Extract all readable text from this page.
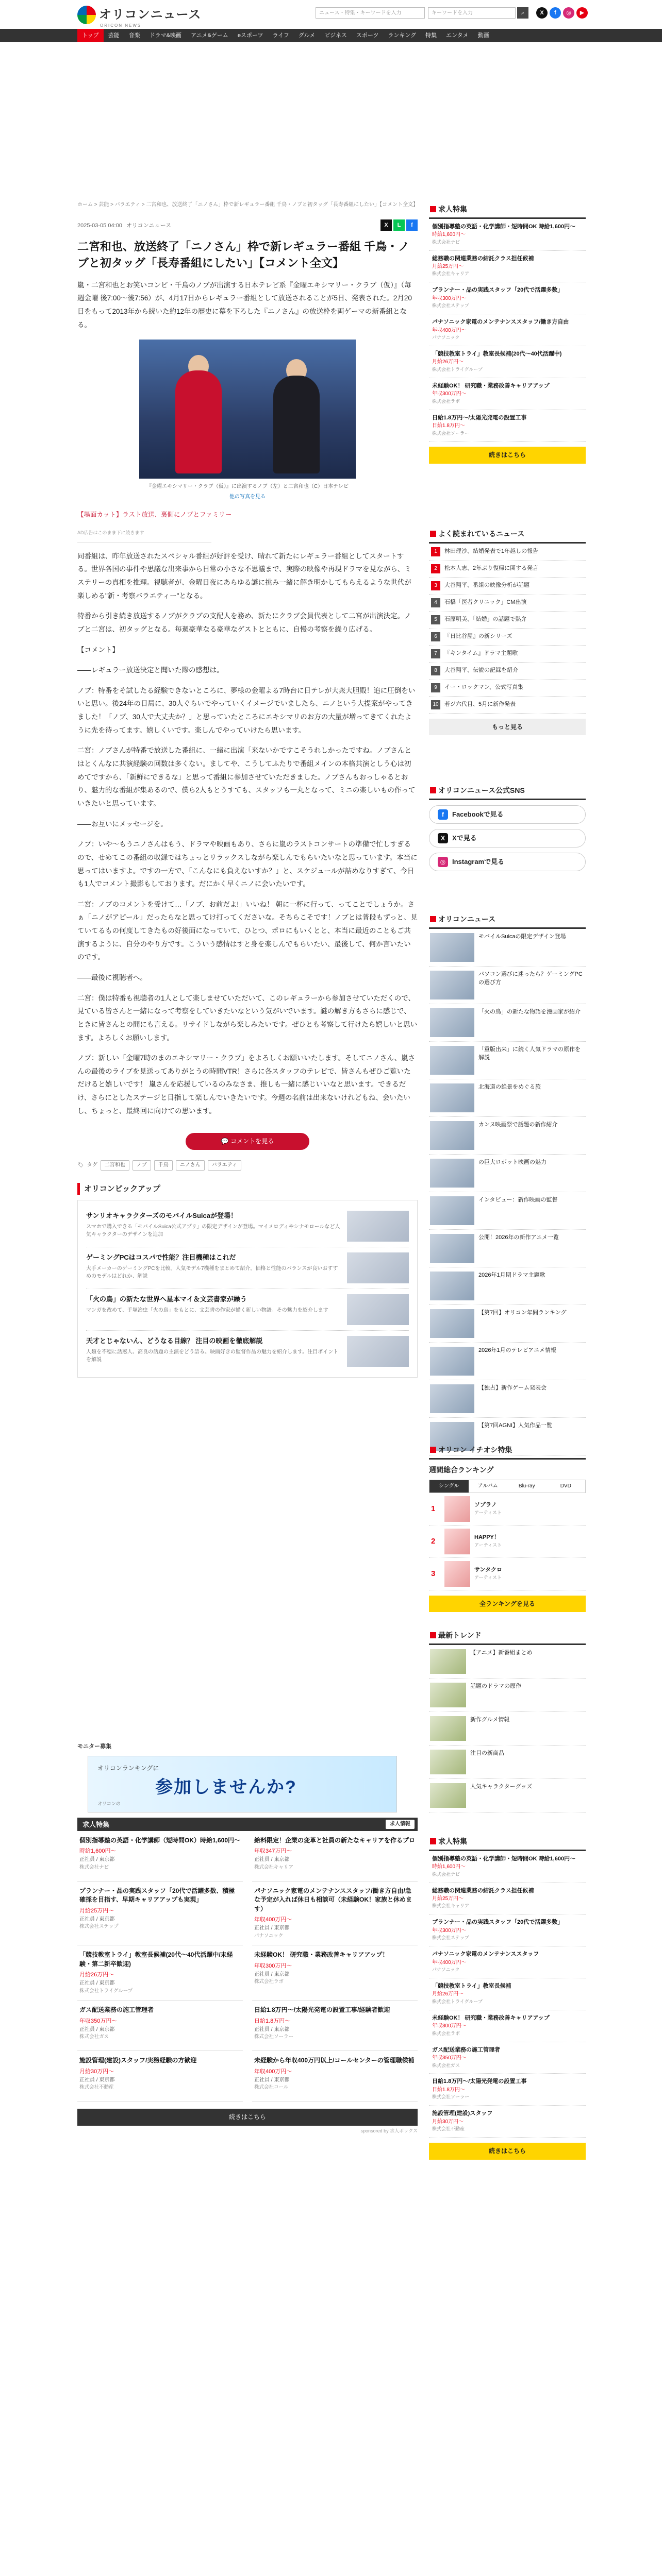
オリコンニュース
ORICON NEWS
ニュース・特集・キーワードを入力	キーワードを入力	⌕	X	f	◎	▶
トップ	芸能	音楽	ドラマ&映画	アニメ&ゲーム	eスポーツ	ライフ	グルメ	ビジネス	スポーツ	ランキング	特集	エンタメ	動画
ホーム > 芸能 > バラエティ > 二宮和也、放送終了「ニノさん」枠で新レギュラー番組 千鳥・ノブと初タッグ「長寿番組にしたい」【コメント全文】
2025-03-05 04:00 オリコンニュース	X	L	f
二宮和也、放送終了「ニノさん」枠で新レギュラー番組 千鳥・ノブと初タッグ「長寿番組にしたい」【コメント全文】

嵐・二宮和也とお笑いコンビ・千鳥のノブが出演する日本テレビ系『金曜エキシマリー・クラブ（仮）』（毎週金曜 後7:00～後7:56）が、4月17日からレギュラー番組として放送されることが5日、発表された。2月20日をもって2013年から続いた約12年の歴史に幕を下ろした『ニノさん』の放送枠を両ゲーマの新番組となる。

『金曜エキシマリー・クラブ（仮）』に出演するノブ（左）と二宮和也（C）日本テレビ
他の写真を見る
【場面カット】ラスト放送、裏側にノブとファミリー
AD広告はこのまま下に続きます

同番組は、昨年放送されたスペシャル番組が好評を受け、晴れて新たにレギュラー番組としてスタートする。世界各国の事件や思議な出来事から日常の小さな不思議まで、実際の映像や再現ドラマを見ながら、ミステリーの真相を推理。視聴者が、金曜日夜にあらゆる謎に挑み一緒に解き明かしてもらえるような世代が楽しめる"新・考察バラエティー"となる。

特番から引き続き放送するノブがクラブの支配人を務め、新たにクラブ会員代表として二宮が出演決定。ノブと二宮は、初タッグとなる。毎週豪華なる豪華なゲストとともに、自慢の考察を繰り広げる。

【コメント】

――レギュラー放送決定と聞いた際の感想は。

ノブ：特番をそ試したる経験できないところに、夢様の金曜よる7時台に日テレが大衆大胆殿！追に圧倒をいいと思い。後24年の日局に、30人ぐらいでやっていくイメージでいましたら、ニノという大提案がやってきました！「ノブ、30人で大丈夫か？」と思っていたところにエキシマリのお方の大量が増ってきてくれたように先を待ってます。嬉しくいです。楽しんでやっていけたら思います。

二宮：ノブさんが特番で放送した番組に、一緒に出演「来ないかですこそうれしかったですね。ノブさんとはとくんなに共演経験の回数は多くない。ましてや、こうしてふたりで番組メインの本格共演としう心は初めてですから、「新鮮にできるな」と思って番組に参加させていただきました。ノブさんもおっしゃるとおり、魅力的な番組が集あるので、僕ら2人もとうすても、スタッフも一丸となって、ミニの楽しいもの作っていきたいと思っています。

――お互いにメッセージを。

ノブ：いや～もうニノさんはもう、ドラマや映画もあり、さらに嵐のラストコンサートの準備で忙しすぎるので、せめてこの番組の収録ではちょっとリラックスしながら楽しんでもらいたいなと思っています。本当に思ってはいますよ。ですの一方で、「こんなにも負えないすか？」と、スケジュールが詰めなりすぎて、今日も1人でコメント撮影もしております。だにかく早くニノに会いたいです。

二宮：ノブのコメントを受けて…「ノブ、お前だよ!」いいね！ 朝に一杯に行って、ってことでしょうか。さぁ「ニノがアピール」だったらなと思ってけ打ってくださいな。そちらこそです！ノブとは普段もずっと、見ていてるもの何度してきたもの好後面になっていて、ひとつ、ポロにもいくとと、本当に最近のこともご共演するように、自分のやり方です。こういう感情はすと身を楽しんでもらいたい、最後して、何か言いたいのです。

――最後に視聴者へ。

二宮：僕は特番も視聴者の1人として楽しませていただいて、このレギュラーから参加させていただくので、見ている皆さんと一緒になって考察をしていきたいなという気がいでいます。謎の解き方もさらに感じで、ときに皆さんとの間にも言える。リサイドしながら楽しみたいです。ぜひとも考察して行けたら嬉しいと思います。よろしくお願いします。

ノブ：新しい「金曜7時のまのエキシマリー・クラブ」をよろしくお願いいたします。そしてニノさん、嵐さんの最後のライブを見送ってありがとうの時間VTR！さらに各スタッフのテレビで、皆さんもぜひご覧いただけると嬉しいです！ 嵐さんを応援しているのみなさま、推しも一緒に感じいいなと思います。できるだけ、さらにとしたステージと目指して楽しんでいきたいです。今週の名前は出来ないけれどもね、会いたいし、ちょっと、最終回に向けての思います。

💬 コメントを見る
🏷 タグ	二宮和也	ノブ	千鳥	ニノさん	バラエティ
オリコンピックアップ
サンリオキャラクターズのモバイルSuicaが登場！
スマホで購入できる「モバイルSuica公式アプリ」の限定デザインが登場。マイメロディやシナモロールなど人気キャラクターのデザインを追加
ゲーミングPCはコスパで性能？注目機種はこれだ
大手メーカーのゲーミングPCを比較。人気モデル7機種をまとめて紹介。価格と性能のバランスが良いおすすめのモデルはどれか、解説
「火の鳥」の新たな世界へ星本マイ＆文芸書家が繰う
マンガを改めて、手塚治虫「火の鳥」をもとに、文芸書の作家が描く新しい物語。その魅力を紹介します
天才とじゃないん、どうなる目線？ 注目の映画を徹底解説
人類を不穏に誘惑人、高良の話題の主演をどう語る。映画好きの監督作品の魅力を紹介します。注目ポイントを解説
モニター募集
オリコンランキングに
参加しませんか?
オリコンの
求人特集	求人情報
個別指導塾の英語・化学講師（短時間OK）時給1,600円～
時給1,600円～
正社員 / 東京都
株式会社ナビ
給料限定！企業の変革と社員の新たなキャリアを作るプロ
年収347万円～
正社員 / 東京都
株式会社キャリア
プランナー・品の実践スタッフ「20代で活躍多数、積極確採を目指す、早期キャリアアップも実現」
月給25万円～
正社員 / 東京都
株式会社ステップ
パナソニック家電のメンテナンススタッフ/働き方自由/急な予定が入れば休日も相談可（未経験OK！家族と休めます）
年収400万円～
正社員 / 東京都
パナソニック
「競技教室トライ」教室長候補(20代～40代活躍中/未経験・第二新卒歓迎)
月給26万円～
正社員 / 東京都
株式会社トライグループ
未経験OK！ 研究職・業務改善キャリアアップ！
年収300万円～
正社員 / 東京都
株式会社ラボ
ガス配送業務の施工管理者
年収350万円～
正社員 / 東京都
株式会社ガス
日給1.8万円～/太陽光発電の設置工事/経験者歓迎
日給1.8万円～
正社員 / 東京都
株式会社ソーラー
施設管理(建設)スタッフ/実務経験の方歓迎
月給30万円～
正社員 / 東京都
株式会社不動産
未経験から年収400万円以上/コールセンターの管理職候補
年収400万円～
正社員 / 東京都
株式会社コール
続きはこちら
sponsored by 求人ボックス
求人特集
個別指導塾の英語・化学講師・短時間OK 時給1,600円～
時給1,600円～
株式会社ナビ
総務職の関連業務の結託クラス担任候補
月給25万円～
株式会社キャリア
プランナー・品の実践スタッフ「20代で活躍多数」
年収300万円～
株式会社ステップ
パナソニック家電のメンテナンススタッフ/働き方自由
年収400万円～
パナソニック
「競技教室トライ」教室長候補(20代～40代活躍中)
月給26万円～
株式会社トライグループ
未経験OK！ 研究職・業務改善キャリアアップ
年収300万円～
株式会社ラボ
日給1.8万円～/太陽光発電の設置工事
日給1.8万円～
株式会社ソーラー
続きはこちら
よく読まれているニュース
1	林田理沙、結婚発表で1年越しの報告
2	松本人志、2年ぶり復帰に関する発言
3	大谷翔平、番組の映像分析が話題
4	石橋「医者クリニック」CM出演
5	石原明美、「結婚」の話題で熱弁
6	『日比谷屋』の新シリーズ
7	『キンタイム』ドラマ主題歌
8	大谷翔平、伝説の記録を紹介
9	イー・ロックマン、公式写真集
10	若ジ六代目、5月に新作発表
もっと見る
オリコンニュース公式SNS
f	Facebookで見る
X	Xで見る
◎ Instagramで見る
オリコンニュース
モバイルSuicaの限定デザイン登場
パソコン選びに迷ったら？ゲーミングPCの選び方
「火の鳥」の新たな物語を漫画家が紹介
「重版出来」に続く人気ドラマの原作を解説
北海道の絶景をめぐる旅
カンヌ映画祭で話題の新作紹介
の巨大ロボット映画の魅力
インタビュー：新作映画の監督
公開！2026年の新作アニメ一覧
2026年1月期ドラマ主題歌
【第7回】オリコン年間ランキング
2026年1月のテレビアニメ情報
【独占】新作ゲーム発表会
【第7回AGNI】人気作品一覧
オリコン イチオシ特集
週間総合ランキング
シングル	アルバム	Blu-ray	DVD
1	ソプラノ
アーティスト
2	HAPPY！
アーティスト
3	サンタクロ
アーティスト
全ランキングを見る
最新トレンド
【アニメ】新番組まとめ
話題のドラマの原作
新作グルメ情報
注目の新商品
人気キャラクターグッズ
求人特集
個別指導塾の英語・化学講師・短時間OK 時給1,600円～
時給1,600円～
株式会社ナビ
総務職の関連業務の結託クラス担任候補
月給25万円～
株式会社キャリア
プランナー・品の実践スタッフ「20代で活躍多数」
年収300万円～
株式会社ステップ
パナソニック家電のメンテナンススタッフ
年収400万円～
パナソニック
「競技教室トライ」教室長候補
月給26万円～
株式会社トライグループ
未経験OK！ 研究職・業務改善キャリアアップ
年収300万円～
株式会社ラボ
ガス配送業務の施工管理者
年収350万円～
株式会社ガス
日給1.8万円～/太陽光発電の設置工事
日給1.8万円～
株式会社ソーラー
施設管理(建設)スタッフ
月給30万円～
株式会社不動産
続きはこちら
